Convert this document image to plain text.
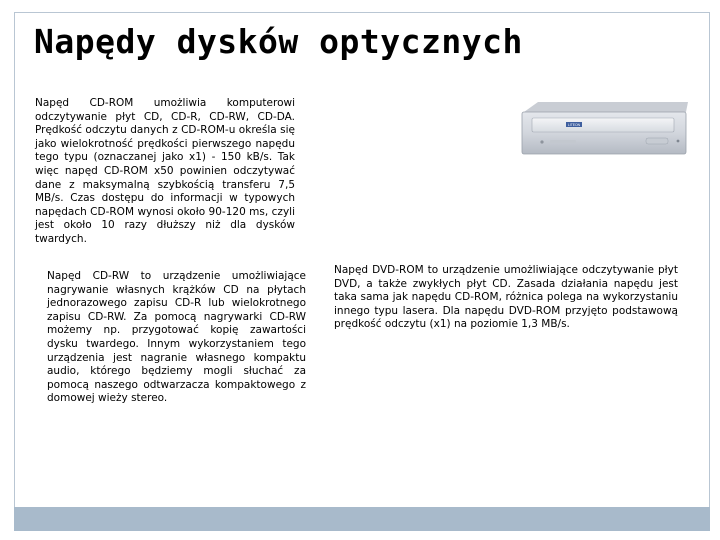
Napędy dysków optycznych

Napęd CD-ROM umożliwia komputerowi odczytywanie płyt CD, CD-R, CD-RW, CD-DA. Prędkość odczytu danych z CD-ROM-u określa się jako wielokrotność prędkości pierwszego napędu tego typu (oznaczanej jako x1) - 150 kB/s. Tak więc napęd CD-ROM x50 powinien odczytywać dane z maksymalną szybkością transferu 7,5 MB/s. Czas dostępu do informacji w typowych napędach CD-ROM wynosi około 90-120 ms, czyli jest około 10 razy dłuższy niż dla dysków twardych.

LITEON

Napęd CD-RW to urządzenie umożliwiające nagrywanie własnych krążków CD na płytach jednorazowego zapisu CD-R lub wielokrotnego zapisu CD-RW. Za pomocą nagrywarki CD-RW możemy np. przygotować kopię zawartości dysku twardego. Innym wykorzystaniem tego urządzenia jest nagranie własnego kompaktu audio, którego będziemy mogli słuchać za pomocą naszego odtwarzacza kompaktowego z domowej wieży stereo.

Napęd DVD-ROM to urządzenie umożliwiające odczytywanie płyt DVD, a także zwykłych płyt CD. Zasada działania napędu jest taka sama jak napędu CD-ROM, różnica polega na wykorzystaniu innego typu lasera. Dla napędu DVD-ROM przyjęto podstawową prędkość odczytu (x1) na poziomie 1,3 MB/s.
